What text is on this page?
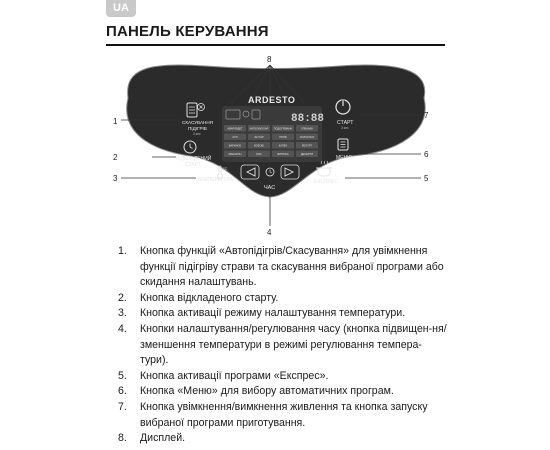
UA
ПАНЕЛЬ КЕРУВАННЯ
1
2
3
4
5
6
7
8
ARDESTO
88:88
АВАРІЯ/ДЕТ	МУЛЬТИКУХАР ПОДОГРІВАНН	ХЛІБНИКІ
СУП	ЗА ПАР	ПЛОВ	СОЛОКУНО
ВАРИНОК	БОБОВІ	КАПЕЧ	ЙОГУРТ
МАКАРОН	РИС	ВИПІЧКА	ДЕСЕРТИ
СКАСУВАННЯ
ПІДІГРІВ
3 sec
ВІДКЛАДЕНИЙ
СТАРТ
°C
ТЕМПЕРАТУРА
ЧАС
СТАРТ
3 sec
МЕНЮ
ЕКСПРЕС
1. Кнопка функцій «Автопідігрів/Скасування» для увімкнення функції підігріву страви та скасування вибраної програми або скидання налаштувань.
2. Кнопка відкладеного старту.
3. Кнопка активації режиму налаштування температури.
4. Кнопки налаштування/регулювання часу (кнопка підвищен-ня/зменшення температури в режимі регулювання темпера-тури).
5. Кнопка активації програми «Експрес».
6. Кнопка «Меню» для вибору автоматичних програм.
7. Кнопка увімкнення/вимкнення живлення та кнопка запуску вибраної програми приготування.
8. Дисплей.
